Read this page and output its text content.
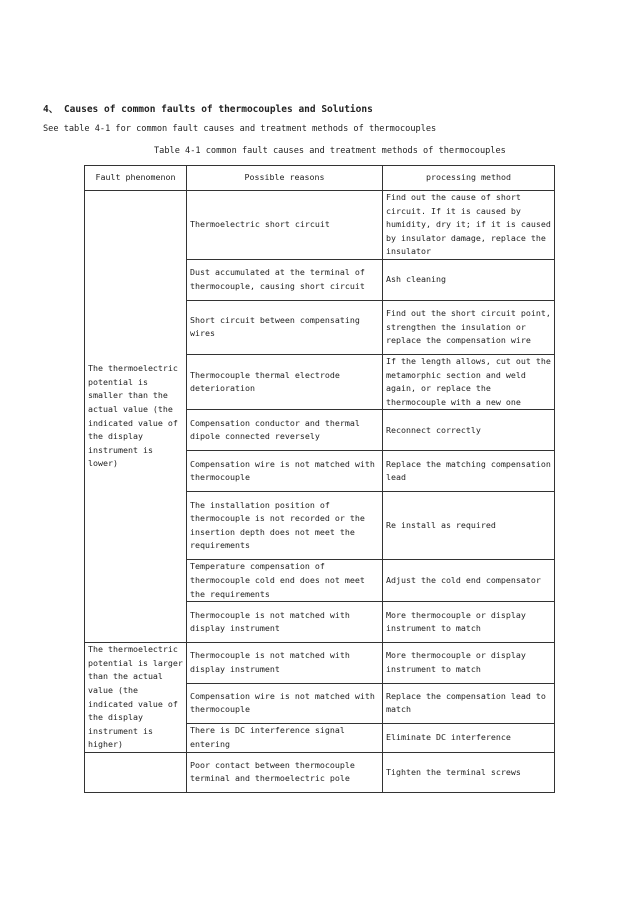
4、 Causes of common faults of thermocouples and Solutions
See table 4-1 for common fault causes and treatment methods of thermocouples
Table 4-1 common fault causes and treatment methods of thermocouples
Fault phenomenon	Possible reasons	processing method
The thermoelectric potential is smaller than the actual value (the indicated value of the display instrument is lower)	Thermoelectric short circuit	Find out the cause of short circuit. If it is caused by humidity, dry it; if it is caused by insulator damage, replace the insulator
	Dust accumulated at the terminal of thermocouple, causing short circuit	Ash cleaning
	Short circuit between compensating wires	Find out the short circuit point, strengthen the insulation or replace the compensation wire
	Thermocouple thermal electrode deterioration	If the length allows, cut out the metamorphic section and weld again, or replace the thermocouple with a new one
	Compensation conductor and thermal dipole connected reversely	Reconnect correctly
	Compensation wire is not matched with thermocouple	Replace the matching compensation lead
	The installation position of thermocouple is not recorded or the insertion depth does not meet the requirements	Re install as required
	Temperature compensation of thermocouple cold end does not meet the requirements	Adjust the cold end compensator
	Thermocouple is not matched with display instrument	More thermocouple or display instrument to match
The thermoelectric potential is larger than the actual value (the indicated value of the display instrument is higher)	Thermocouple is not matched with display instrument	More thermocouple or display instrument to match
	Compensation wire is not matched with thermocouple	Replace the compensation lead to match
	There is DC interference signal entering	Eliminate DC interference
	Poor contact between thermocouple terminal and thermoelectric pole	Tighten the terminal screws
